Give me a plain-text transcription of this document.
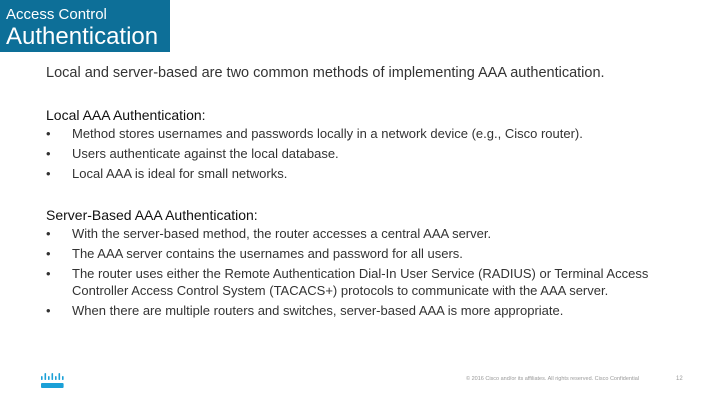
Access Control
Authentication
Local and server-based are two common methods of implementing AAA authentication.

Local AAA Authentication:

• Method stores usernames and passwords locally in a network device (e.g., Cisco router).
• Users authenticate against the local database.
• Local AAA is ideal for small networks.

Server-Based AAA Authentication:

• With the server-based method, the router accesses a central AAA server.
• The AAA server contains the usernames and password for all users.
• The router uses either the Remote Authentication Dial-In User Service (RADIUS) or Terminal Access Controller Access Control System (TACACS+) protocols to communicate with the AAA server.
• When there are multiple routers and switches, server-based AAA is more appropriate.
© 2016 Cisco and/or its affiliates. All rights reserved. Cisco Confidential	12
